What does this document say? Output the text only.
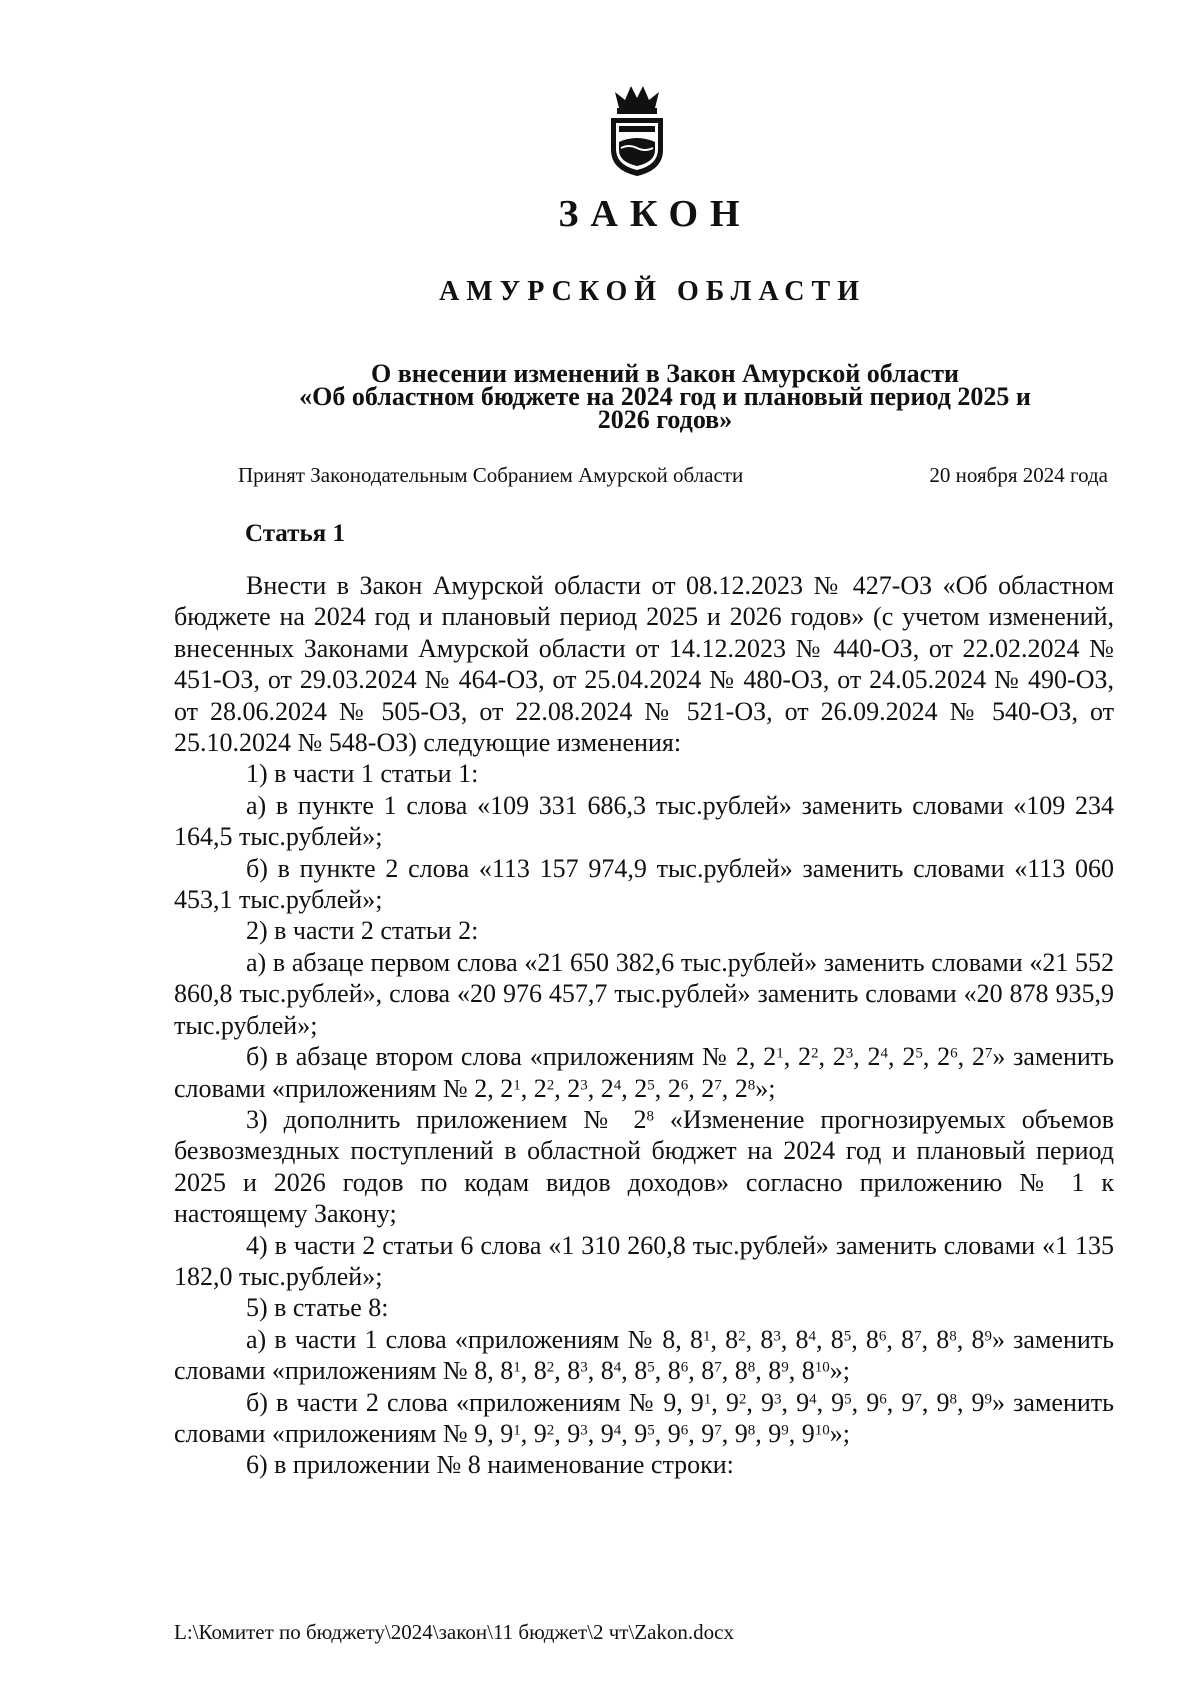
ЗАКОН
АМУРСКОЙ ОБЛАСТИ
О внесении изменений в Закон Амурской области
«Об областном бюджете на 2024 год и плановый период 2025 и
2026 годов»
Принят Законодательным Собранием Амурской области	20 ноября 2024 года
Статья 1

Внести в Закон Амурской области от 08.12.2023 № 427-ОЗ «Об областном бюджете на 2024 год и плановый период 2025 и 2026 годов» (с учетом изменений, внесенных Законами Амурской области от 14.12.2023 № 440-ОЗ, от 22.02.2024 № 451-ОЗ, от 29.03.2024 № 464-ОЗ, от 25.04.2024 № 480-ОЗ, от 24.05.2024 № 490-ОЗ, от 28.06.2024 № 505-ОЗ, от 22.08.2024 № 521-ОЗ, от 26.09.2024 № 540-ОЗ, от 25.10.2024 № 548-ОЗ) следующие изменения:

1) в части 1 статьи 1:

а) в пункте 1 слова «109 331 686,3 тыс.рублей» заменить словами «109 234 164,5 тыс.рублей»;

б) в пункте 2 слова «113 157 974,9 тыс.рублей» заменить словами «113 060 453,1 тыс.рублей»;

2) в части 2 статьи 2:

а) в абзаце первом слова «21 650 382,6 тыс.рублей» заменить словами «21 552 860,8 тыс.рублей», слова «20 976 457,7 тыс.рублей» заменить словами «20 878 935,9 тыс.рублей»;

б) в абзаце втором слова «приложениям № 2, $2^1$, $2^2$, $2^3$, $2^4$, $2^5$, $2^6$, $2^7$» заменить словами «приложениям № 2, $2^1$, $2^2$, $2^3$, $2^4$, $2^5$, $2^6$, $2^7$, $2^8$»;

3) дополнить приложением № $2^8$ «Изменение прогнозируемых объемов безвозмездных поступлений в областной бюджет на 2024 год и плановый период 2025 и 2026 годов по кодам видов доходов» согласно приложению № 1 к настоящему Закону;

4) в части 2 статьи 6 слова «1 310 260,8 тыс.рублей» заменить словами «1 135 182,0 тыс.рублей»;

5) в статье 8:

а) в части 1 слова «приложениям № 8, $8^1$, $8^2$, $8^3$, $8^4$, $8^5$, $8^6$, $8^7$, $8^8$, $8^9$» заменить словами «приложениям № 8, $8^1$, $8^2$, $8^3$, $8^4$, $8^5$, $8^6$, $8^7$, $8^8$, $8^9$, $8^{10}$»;

б) в части 2 слова «приложениям № 9, $9^1$, $9^2$, $9^3$, $9^4$, $9^5$, $9^6$, $9^7$, $9^8$, $9^9$» заменить словами «приложениям № 9, $9^1$, $9^2$, $9^3$, $9^4$, $9^5$, $9^6$, $9^7$, $9^8$, $9^9$, $9^{10}$»;

6) в приложении № 8 наименование строки:

L:\Комитет по бюджету\2024\закон\11 бюджет\2 чт\Zakon.docx
